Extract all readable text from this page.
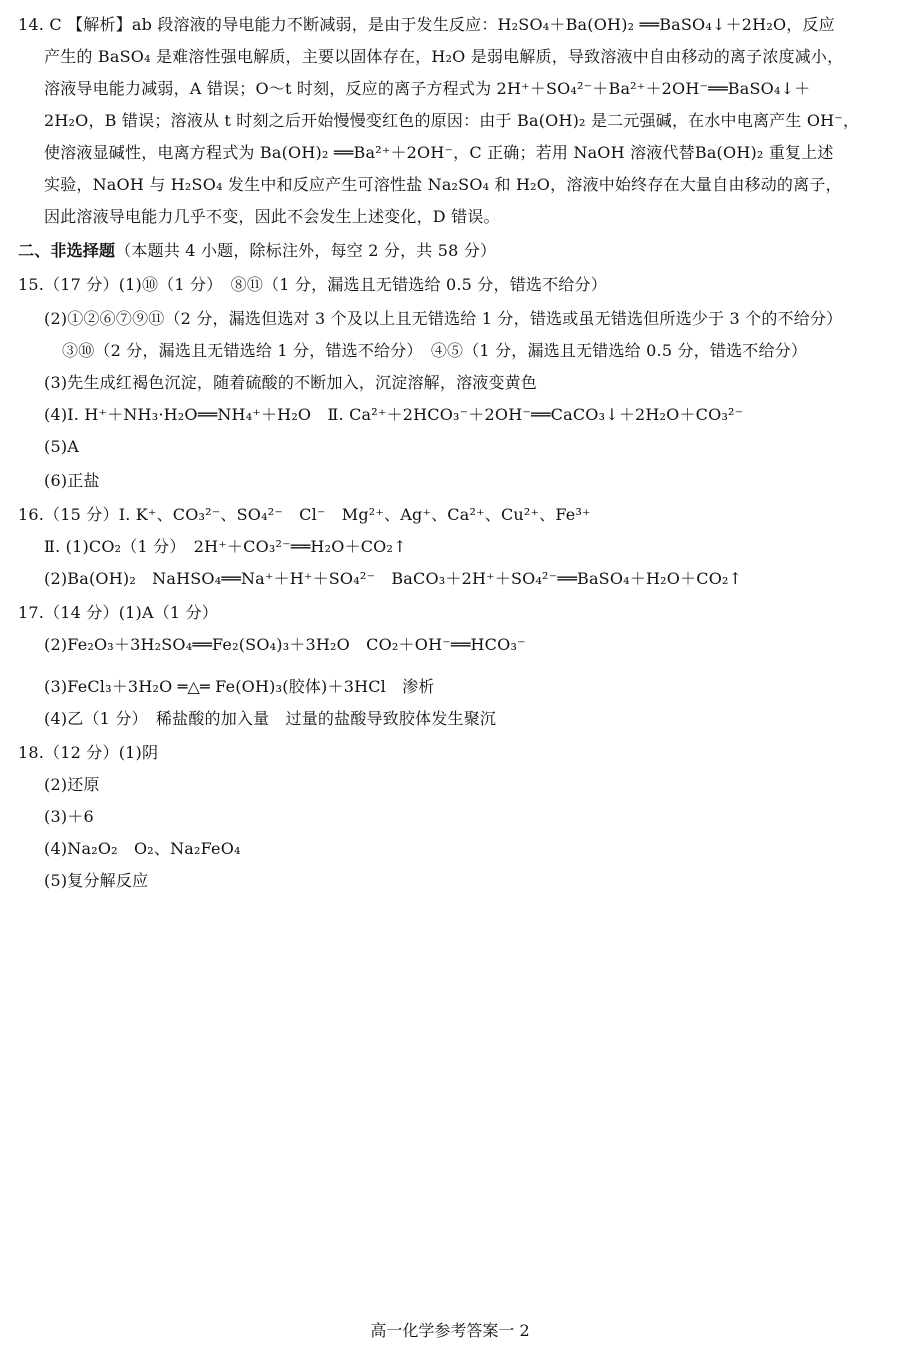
14. C 【解析】ab 段溶液的导电能力不断减弱，是由于发生反应：H₂SO₄＋Ba(OH)₂ ══BaSO₄↓＋2H₂O，反应
产生的 BaSO₄ 是难溶性强电解质，主要以固体存在，H₂O 是弱电解质，导致溶液中自由移动的离子浓度减小，
溶液导电能力减弱，A 错误；O～t 时刻，反应的离子方程式为 2H⁺＋SO₄²⁻＋Ba²⁺＋2OH⁻══BaSO₄↓＋
2H₂O，B 错误；溶液从 t 时刻之后开始慢慢变红色的原因：由于 Ba(OH)₂ 是二元强碱，在水中电离产生 OH⁻，
使溶液显碱性，电离方程式为 Ba(OH)₂ ══Ba²⁺＋2OH⁻，C 正确；若用 NaOH 溶液代替Ba(OH)₂ 重复上述
实验，NaOH 与 H₂SO₄ 发生中和反应产生可溶性盐 Na₂SO₄ 和 H₂O，溶液中始终存在大量自由移动的离子，
因此溶液导电能力几乎不变，因此不会发生上述变化，D 错误。
二、非选择题（本题共 4 小题，除标注外，每空 2 分，共 58 分）
15.（17 分）(1)⑩（1 分）　⑧⑪（1 分，漏选且无错选给 0.5 分，错选不给分）
(2)①②⑥⑦⑨⑪（2 分，漏选但选对 3 个及以上且无错选给 1 分，错选或虽无错选但所选少于 3 个的不给分）
③⑩（2 分，漏选且无错选给 1 分，错选不给分）　④⑤（1 分，漏选且无错选给 0.5 分，错选不给分）
(3)先生成红褐色沉淀，随着硫酸的不断加入，沉淀溶解，溶液变黄色
(4)Ⅰ. H⁺＋NH₃·H₂O══NH₄⁺＋H₂O　Ⅱ. Ca²⁺＋2HCO₃⁻＋2OH⁻══CaCO₃↓＋2H₂O＋CO₃²⁻
(5)A
(6)正盐
16.（15 分）Ⅰ. K⁺、CO₃²⁻、SO₄²⁻　Cl⁻　Mg²⁺、Ag⁺、Ca²⁺、Cu²⁺、Fe³⁺
Ⅱ. (1)CO₂（1 分）　2H⁺＋CO₃²⁻══H₂O＋CO₂↑
(2)Ba(OH)₂　NaHSO₄══Na⁺＋H⁺＋SO₄²⁻　BaCO₃＋2H⁺＋SO₄²⁻══BaSO₄＋H₂O＋CO₂↑
17.（14 分）(1)A（1 分）
(2)Fe₂O₃＋3H₂SO₄══Fe₂(SO₄)₃＋3H₂O　CO₂＋OH⁻══HCO₃⁻
(3)FeCl₃＋3H₂O ═△═ Fe(OH)₃(胶体)＋3HCl　渗析
(4)乙（1 分）　稀盐酸的加入量　过量的盐酸导致胶体发生聚沉
18.（12 分）(1)阴
(2)还原
(3)＋6
(4)Na₂O₂　O₂、Na₂FeO₄
(5)复分解反应
高一化学参考答案一 2
